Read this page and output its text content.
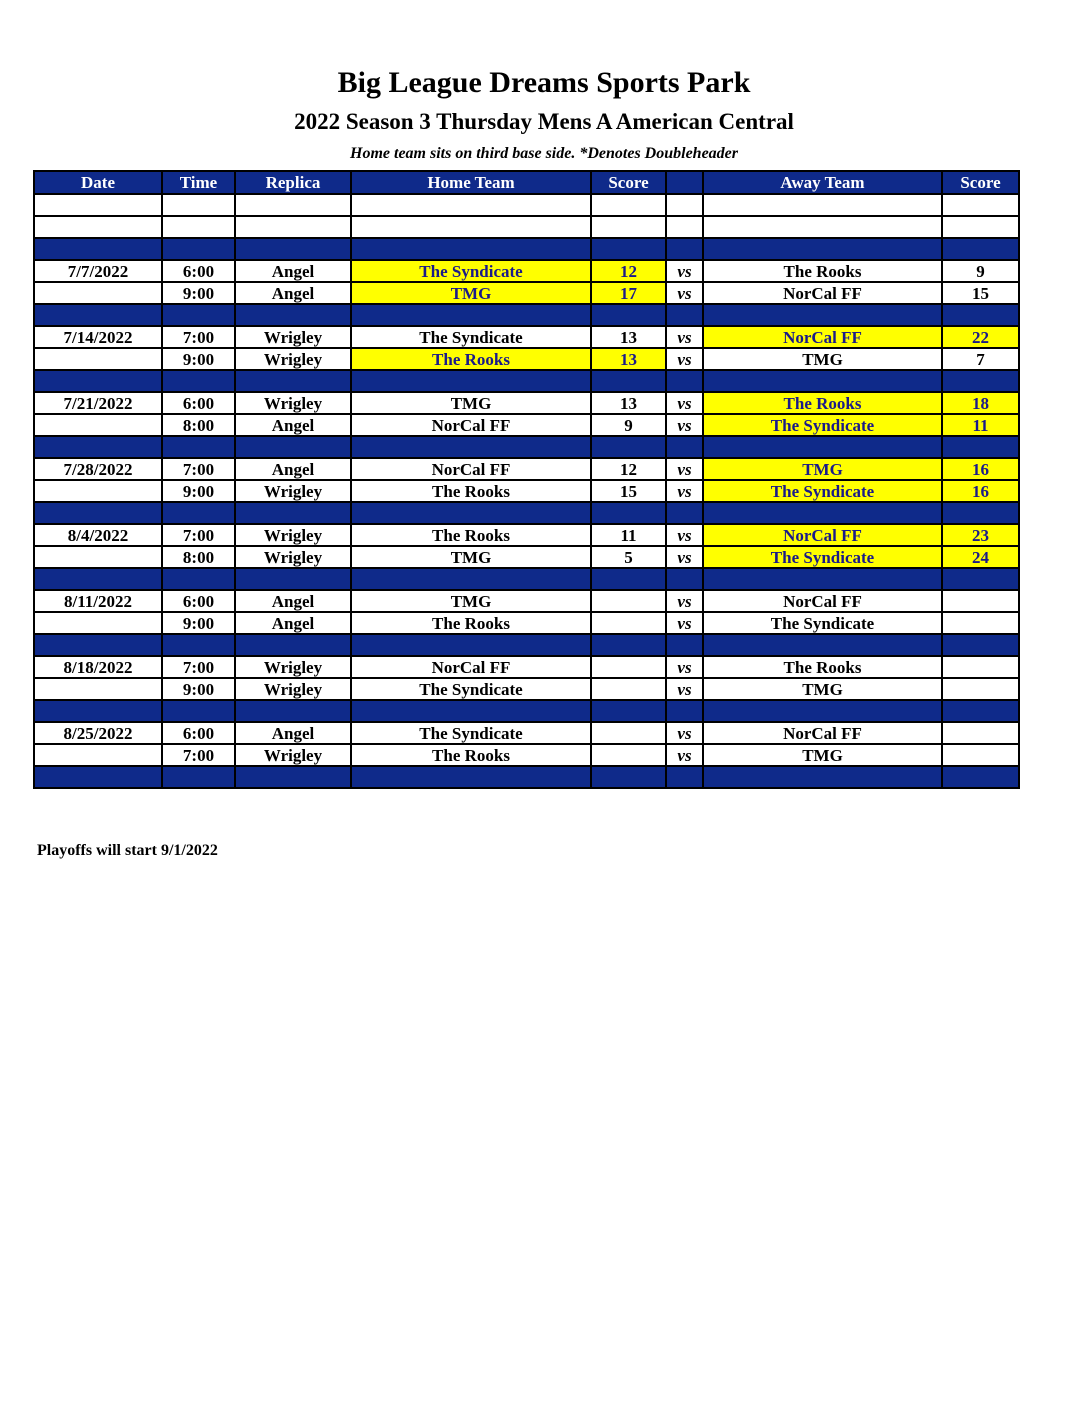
Big League Dreams Sports Park
2022 Season 3 Thursday Mens A American Central
Home team sits on third base side. *Denotes Doubleheader
Date	Time	Replica	Home Team	Score		Away Team	Score

7/7/2022	6:00	Angel	The Syndicate	12	vs	The Rooks	9
	9:00	Angel	TMG	17	vs	NorCal FF	15

7/14/2022	7:00	Wrigley	The Syndicate	13	vs	NorCal FF	22
	9:00	Wrigley	The Rooks	13	vs	TMG	7

7/21/2022	6:00	Wrigley	TMG	13	vs	The Rooks	18
	8:00	Angel	NorCal FF	9	vs	The Syndicate	11

7/28/2022	7:00	Angel	NorCal FF	12	vs	TMG	16
	9:00	Wrigley	The Rooks	15	vs	The Syndicate	16

8/4/2022	7:00	Wrigley	The Rooks	11	vs	NorCal FF	23
	8:00	Wrigley	TMG	5	vs	The Syndicate	24

8/11/2022	6:00	Angel	TMG		vs	NorCal FF	
	9:00	Angel	The Rooks		vs	The Syndicate	

8/18/2022	7:00	Wrigley	NorCal FF		vs	The Rooks	
	9:00	Wrigley	The Syndicate		vs	TMG	

8/25/2022	6:00	Angel	The Syndicate		vs	NorCal FF	
	7:00	Wrigley	The Rooks		vs	TMG	

Playoffs will start 9/1/2022
